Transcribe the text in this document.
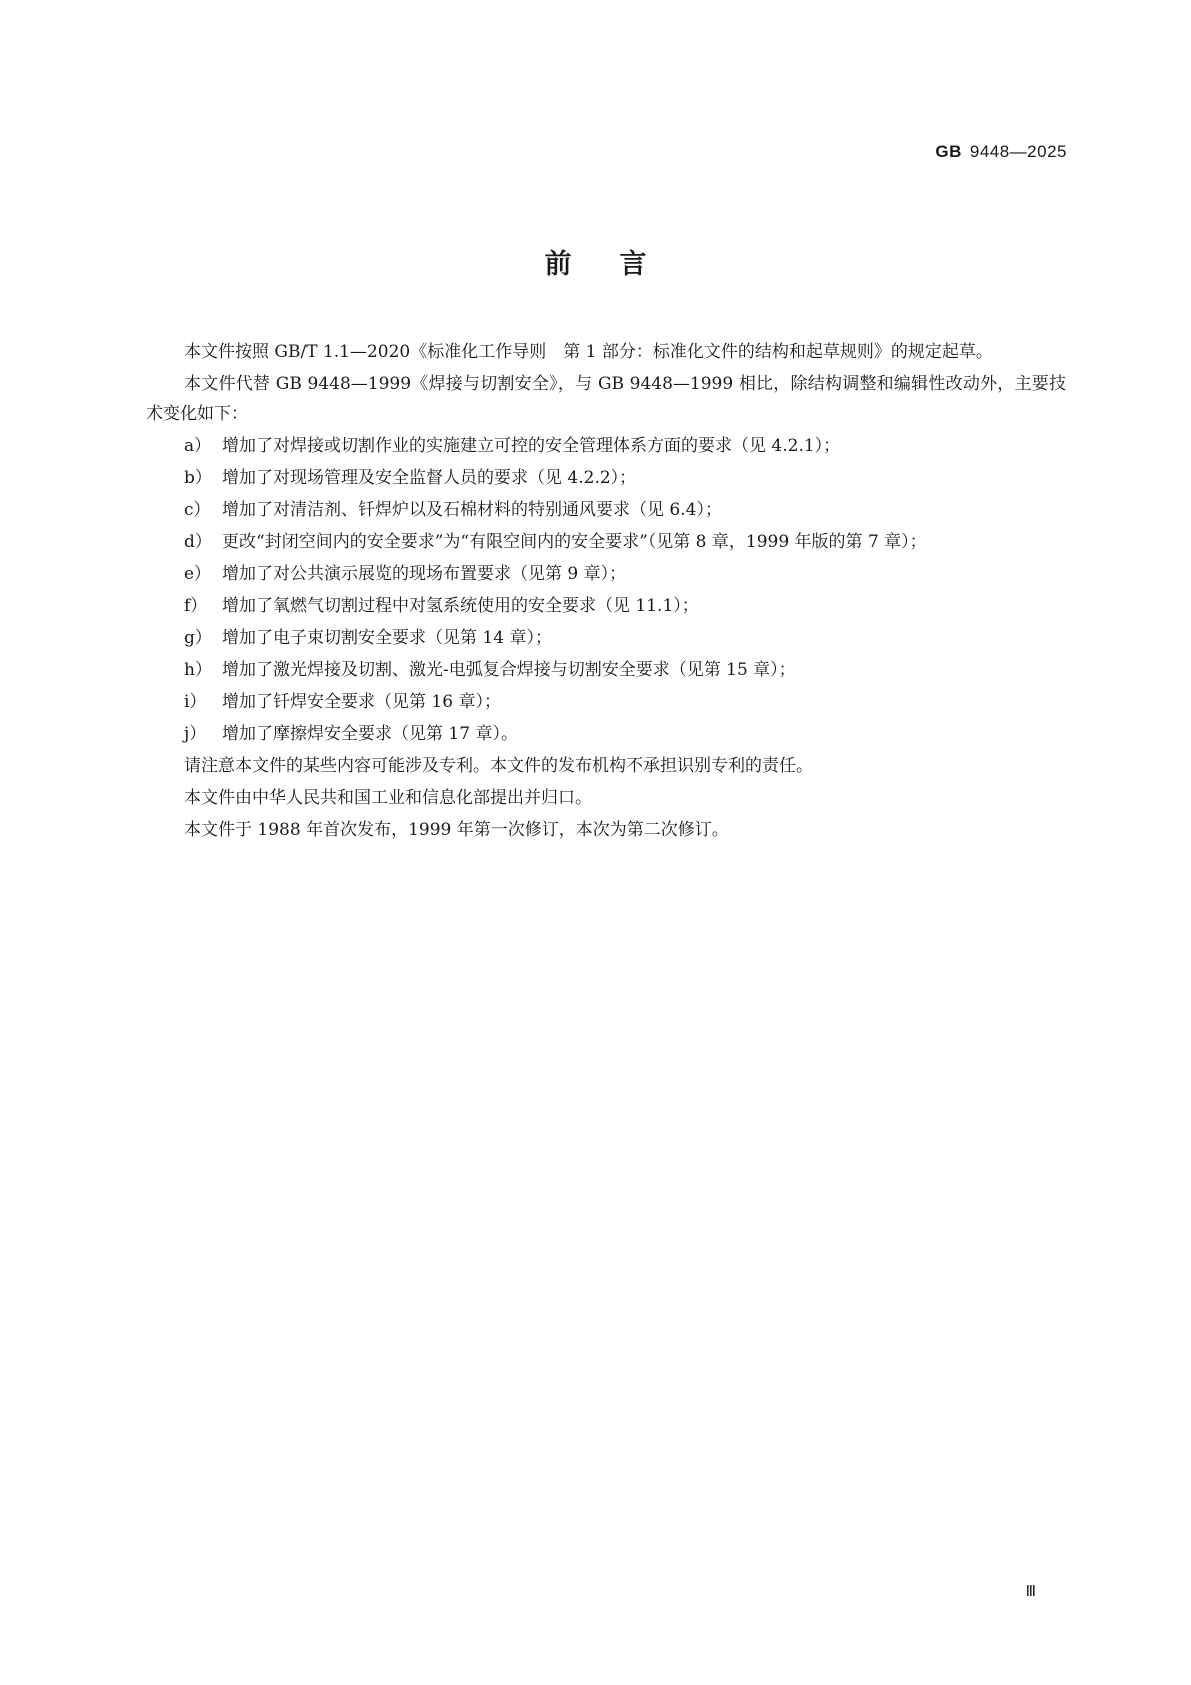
GB 9448—2025
前言

本文件按照 GB/T 1.1—2020《标准化工作导则　第 1 部分：标准化文件的结构和起草规则》的规定起草。

本文件代替 GB 9448—1999《焊接与切割安全》，与 GB 9448—1999 相比，除结构调整和编辑性改动外，主要技术变化如下：

a） 增加了对焊接或切割作业的实施建立可控的安全管理体系方面的要求（见 4.2.1）；
b） 增加了对现场管理及安全监督人员的要求（见 4.2.2）；
c） 增加了对清洁剂、钎焊炉以及石棉材料的特别通风要求（见 6.4）；
d） 更改“封闭空间内的安全要求”为“有限空间内的安全要求”（见第 8 章，1999 年版的第 7 章）；
e） 增加了对公共演示展览的现场布置要求（见第 9 章）；
f） 增加了氧燃气切割过程中对氢系统使用的安全要求（见 11.1）；
g） 增加了电子束切割安全要求（见第 14 章）；
h） 增加了激光焊接及切割、激光-电弧复合焊接与切割安全要求（见第 15 章）；
i） 增加了钎焊安全要求（见第 16 章）；
j） 增加了摩擦焊安全要求（见第 17 章）。

请注意本文件的某些内容可能涉及专利。本文件的发布机构不承担识别专利的责任。

本文件由中华人民共和国工业和信息化部提出并归口。

本文件于 1988 年首次发布，1999 年第一次修订，本次为第二次修订。

Ⅲ
